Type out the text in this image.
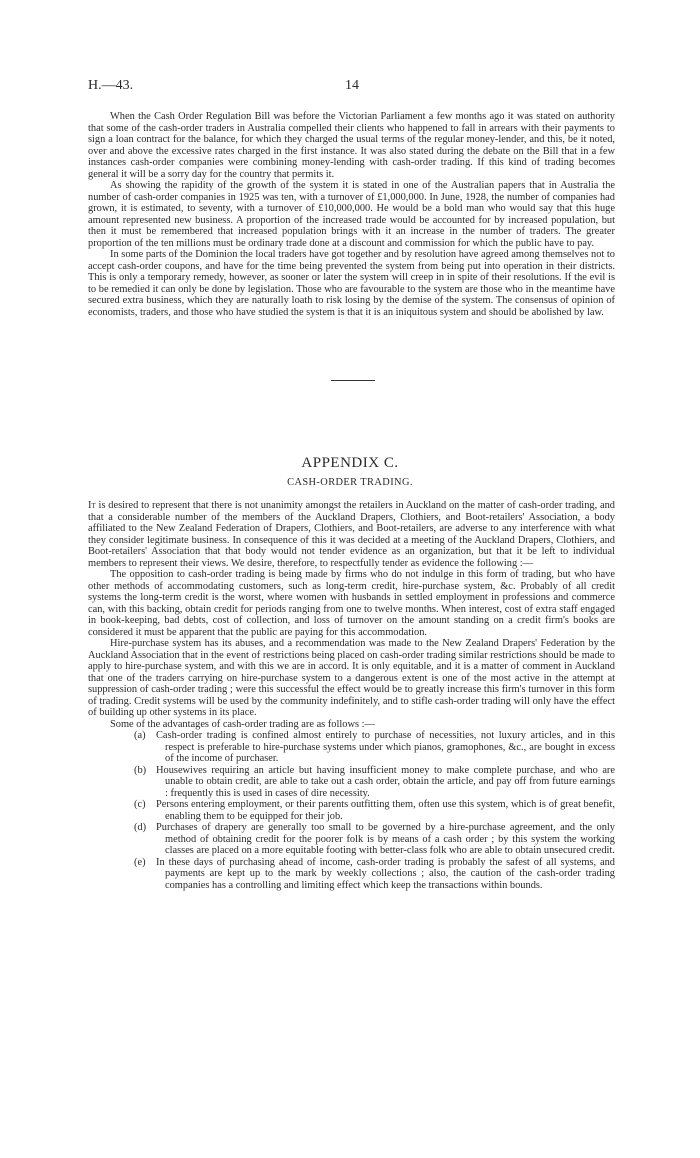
H.—43.	14

When the Cash Order Regulation Bill was before the Victorian Parliament a few months ago it was stated on authority that some of the cash-order traders in Australia compelled their clients who happened to fall in arrears with their payments to sign a loan contract for the balance, for which they charged the usual terms of the regular money-lender, and this, be it noted, over and above the excessive rates charged in the first instance. It was also stated during the debate on the Bill that in a few instances cash-order companies were combining money-lending with cash-order trading. If this kind of trading becomes general it will be a sorry day for the country that permits it.

As showing the rapidity of the growth of the system it is stated in one of the Australian papers that in Australia the number of cash-order companies in 1925 was ten, with a turnover of £1,000,000. In June, 1928, the number of companies had grown, it is estimated, to seventy, with a turnover of £10,000,000. He would be a bold man who would say that this huge amount represented new business. A proportion of the increased trade would be accounted for by increased population, but then it must be remembered that increased population brings with it an increase in the number of traders. The greater proportion of the ten millions must be ordinary trade done at a discount and commission for which the public have to pay.

In some parts of the Dominion the local traders have got together and by resolution have agreed among themselves not to accept cash-order coupons, and have for the time being prevented the system from being put into operation in their districts. This is only a temporary remedy, however, as sooner or later the system will creep in in spite of their resolutions. If the evil is to be remedied it can only be done by legislation. Those who are favourable to the system are those who in the meantime have secured extra business, which they are naturally loath to risk losing by the demise of the system. The consensus of opinion of economists, traders, and those who have studied the system is that it is an iniquitous system and should be abolished by law.

APPENDIX C.
CASH-ORDER TRADING.

It is desired to represent that there is not unanimity amongst the retailers in Auckland on the matter of cash-order trading, and that a considerable number of the members of the Auckland Drapers, Clothiers, and Boot-retailers' Association, a body affiliated to the New Zealand Federation of Drapers, Clothiers, and Boot-retailers, are adverse to any interference with what they consider legitimate business. In consequence of this it was decided at a meeting of the Auckland Drapers, Clothiers, and Boot-retailers' Association that that body would not tender evidence as an organization, but that it be left to individual members to represent their views. We desire, therefore, to respectfully tender as evidence the following :—

The opposition to cash-order trading is being made by firms who do not indulge in this form of trading, but who have other methods of accommodating customers, such as long-term credit, hire-purchase system, &c. Probably of all credit systems the long-term credit is the worst, where women with husbands in settled employment in professions and commerce can, with this backing, obtain credit for periods ranging from one to twelve months. When interest, cost of extra staff engaged in book-keeping, bad debts, cost of collection, and loss of turnover on the amount standing on a credit firm's books are considered it must be apparent that the public are paying for this accommodation.

Hire-purchase system has its abuses, and a recommendation was made to the New Zealand Drapers' Federation by the Auckland Association that in the event of restrictions being placed on cash-order trading similar restrictions should be made to apply to hire-purchase system, and with this we are in accord. It is only equitable, and it is a matter of comment in Auckland that one of the traders carrying on hire-purchase system to a dangerous extent is one of the most active in the attempt at suppression of cash-order trading ; were this successful the effect would be to greatly increase this firm's turnover in this form of trading. Credit systems will be used by the community indefinitely, and to stifle cash-order trading will only have the effect of building up other systems in its place.

Some of the advantages of cash-order trading are as follows :—

(a) Cash-order trading is confined almost entirely to purchase of necessities, not luxury articles, and in this respect is preferable to hire-purchase systems under which pianos, gramophones, &c., are bought in excess of the income of purchaser.
(b) Housewives requiring an article but having insufficient money to make complete purchase, and who are unable to obtain credit, are able to take out a cash order, obtain the article, and pay off from future earnings : frequently this is used in cases of dire necessity.
(c) Persons entering employment, or their parents outfitting them, often use this system, which is of great benefit, enabling them to be equipped for their job.
(d) Purchases of drapery are generally too small to be governed by a hire-purchase agreement, and the only method of obtaining credit for the poorer folk is by means of a cash order ; by this system the working classes are placed on a more equitable footing with better-class folk who are able to obtain unsecured credit.
(e) In these days of purchasing ahead of income, cash-order trading is probably the safest of all systems, and payments are kept up to the mark by weekly collections ; also, the caution of the cash-order trading companies has a controlling and limiting effect which keep the transactions within bounds.
